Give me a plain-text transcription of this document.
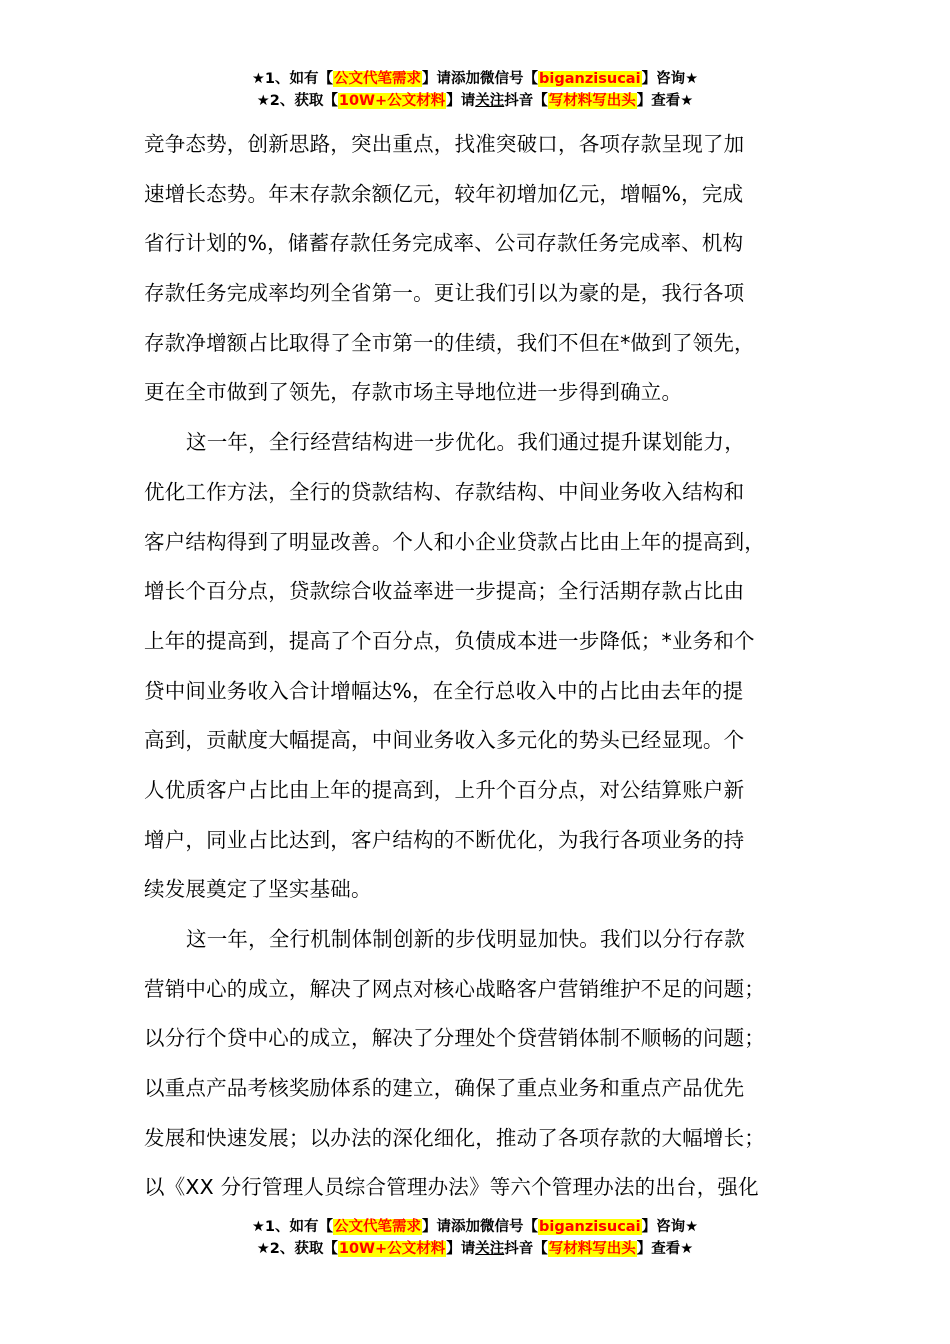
★1、如有【公文代笔需求】请添加微信号【biganzisucai】咨询★
★2、获取【10W+公文材料】请关注抖音【写材料写出头】查看★
竞争态势，创新思路，突出重点，找准突破口，各项存款呈现了加
速增长态势。年末存款余额亿元，较年初增加亿元，增幅%，完成
省行计划的%，储蓄存款任务完成率、公司存款任务完成率、机构
存款任务完成率均列全省第一。更让我们引以为豪的是，我行各项
存款净增额占比取得了全市第一的佳绩，我们不但在*做到了领先，
更在全市做到了领先，存款市场主导地位进一步得到确立。
这一年，全行经营结构进一步优化。我们通过提升谋划能力，
优化工作方法，全行的贷款结构、存款结构、中间业务收入结构和
客户结构得到了明显改善。个人和小企业贷款占比由上年的提高到，
增长个百分点，贷款综合收益率进一步提高；全行活期存款占比由
上年的提高到，提高了个百分点，负债成本进一步降低；*业务和个
贷中间业务收入合计增幅达%，在全行总收入中的占比由去年的提
高到，贡献度大幅提高，中间业务收入多元化的势头已经显现。个
人优质客户占比由上年的提高到，上升个百分点，对公结算账户新
增户，同业占比达到，客户结构的不断优化，为我行各项业务的持
续发展奠定了坚实基础。
这一年，全行机制体制创新的步伐明显加快。我们以分行存款
营销中心的成立，解决了网点对核心战略客户营销维护不足的问题；
以分行个贷中心的成立，解决了分理处个贷营销体制不顺畅的问题；
以重点产品考核奖励体系的建立，确保了重点业务和重点产品优先
发展和快速发展；以办法的深化细化，推动了各项存款的大幅增长；
以《XX 分行管理人员综合管理办法》等六个管理办法的出台，强化
★1、如有【公文代笔需求】请添加微信号【biganzisucai】咨询★
★2、获取【10W+公文材料】请关注抖音【写材料写出头】查看★
